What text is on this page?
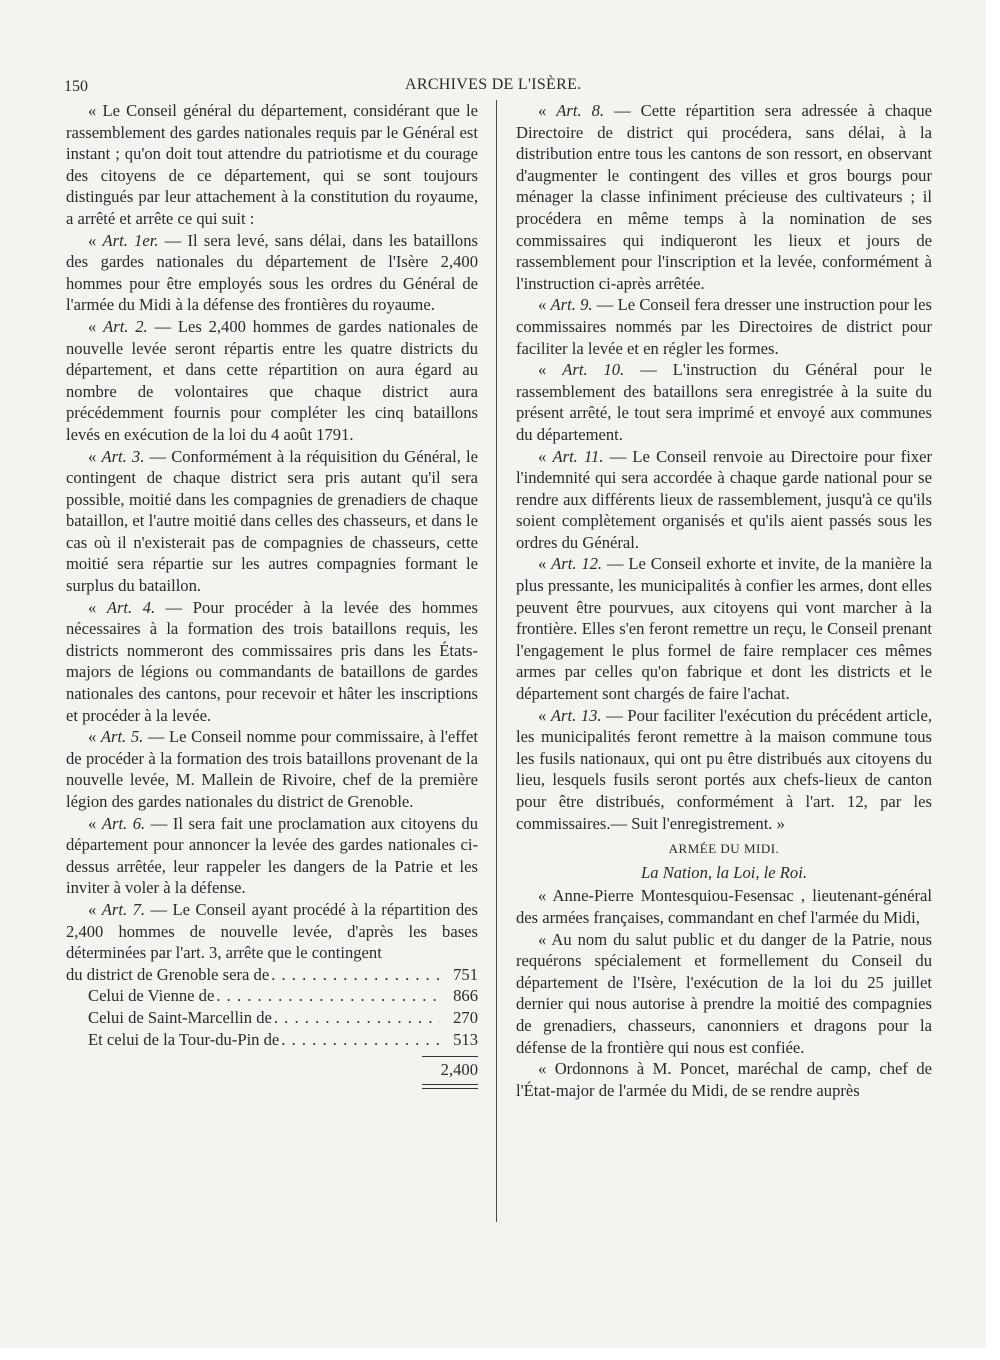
150	ARCHIVES DE L'ISÈRE.

« Le Conseil général du département, considérant que le rassemblement des gardes nationales requis par le Général est instant ; qu'on doit tout attendre du patriotisme et du courage des citoyens de ce département, qui se sont toujours distingués par leur attachement à la constitution du royaume, a arrêté et arrête ce qui suit :

« Art. 1er. — Il sera levé, sans délai, dans les bataillons des gardes nationales du département de l'Isère 2,400 hommes pour être employés sous les ordres du Général de l'armée du Midi à la défense des frontières du royaume.

« Art. 2. — Les 2,400 hommes de gardes nationales de nouvelle levée seront répartis entre les quatre districts du département, et dans cette répartition on aura égard au nombre de volontaires que chaque district aura précédemment fournis pour compléter les cinq bataillons levés en exécution de la loi du 4 août 1791.

« Art. 3. — Conformément à la réquisition du Général, le contingent de chaque district sera pris autant qu'il sera possible, moitié dans les compagnies de grenadiers de chaque bataillon, et l'autre moitié dans celles des chasseurs, et dans le cas où il n'existerait pas de compagnies de chasseurs, cette moitié sera répartie sur les autres compagnies formant le surplus du bataillon.

« Art. 4. — Pour procéder à la levée des hommes nécessaires à la formation des trois bataillons requis, les districts nommeront des commissaires pris dans les États-majors de légions ou commandants de bataillons de gardes nationales des cantons, pour recevoir et hâter les inscriptions et procéder à la levée.

« Art. 5. — Le Conseil nomme pour commissaire, à l'effet de procéder à la formation des trois bataillons provenant de la nouvelle levée, M. Mallein de Rivoire, chef de la première légion des gardes nationales du district de Grenoble.

« Art. 6. — Il sera fait une proclamation aux citoyens du département pour annoncer la levée des gardes nationales ci-dessus arrêtée, leur rappeler les dangers de la Patrie et les inviter à voler à la défense.

« Art. 7. — Le Conseil ayant procédé à la répartition des 2,400 hommes de nouvelle levée, d'après les bases déterminées par l'art. 3, arrête que le contingent

du district de Grenoble sera de . . .	751
Celui de Vienne de . . .	866
Celui de Saint-Marcellin de . . .	270
Et celui de la Tour-du-Pin de . . .	513
2,400

« Art. 8. — Cette répartition sera adressée à chaque Directoire de district qui procédera, sans délai, à la distribution entre tous les cantons de son ressort, en observant d'augmenter le contingent des villes et gros bourgs pour ménager la classe infiniment précieuse des cultivateurs ; il procédera en même temps à la nomination de ses commissaires qui indiqueront les lieux et jours de rassemblement pour l'inscription et la levée, conformément à l'instruction ci-après arrêtée.

« Art. 9. — Le Conseil fera dresser une instruction pour les commissaires nommés par les Directoires de district pour faciliter la levée et en régler les formes.

« Art. 10. — L'instruction du Général pour le rassemblement des bataillons sera enregistrée à la suite du présent arrêté, le tout sera imprimé et envoyé aux communes du département.

« Art. 11. — Le Conseil renvoie au Directoire pour fixer l'indemnité qui sera accordée à chaque garde national pour se rendre aux différents lieux de rassemblement, jusqu'à ce qu'ils soient complètement organisés et qu'ils aient passés sous les ordres du Général.

« Art. 12. — Le Conseil exhorte et invite, de la manière la plus pressante, les municipalités à confier les armes, dont elles peuvent être pourvues, aux citoyens qui vont marcher à la frontière. Elles s'en feront remettre un reçu, le Conseil prenant l'engagement le plus formel de faire remplacer ces mêmes armes par celles qu'on fabrique et dont les districts et le département sont chargés de faire l'achat.

« Art. 13. — Pour faciliter l'exécution du précédent article, les municipalités feront remettre à la maison commune tous les fusils nationaux, qui ont pu être distribués aux citoyens du lieu, lesquels fusils seront portés aux chefs-lieux de canton pour être distribués, conformément à l'art. 12, par les commissaires.— Suit l'enregistrement. »

ARMÉE DU MIDI.
La Nation, la Loi, le Roi.

« Anne-Pierre Montesquiou-Fesensac , lieutenant-général des armées françaises, commandant en chef l'armée du Midi,

« Au nom du salut public et du danger de la Patrie, nous requérons spécialement et formellement du Conseil du département de l'Isère, l'exécution de la loi du 25 juillet dernier qui nous autorise à prendre la moitié des compagnies de grenadiers, chasseurs, canonniers et dragons pour la défense de la frontière qui nous est confiée.

« Ordonnons à M. Poncet, maréchal de camp, chef de l'État-major de l'armée du Midi, de se rendre auprès
